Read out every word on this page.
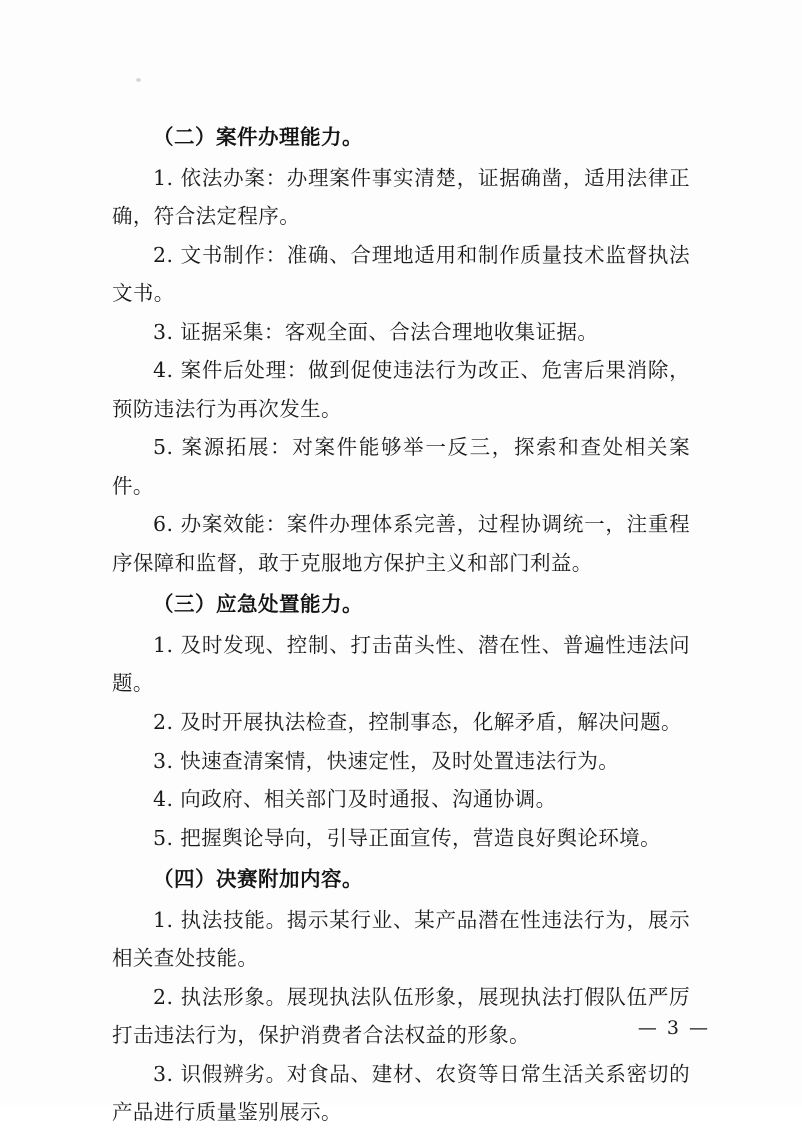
（二）案件办理能力。

1. 依法办案：办理案件事实清楚，证据确凿，适用法律正确，符合法定程序。

2. 文书制作：准确、合理地适用和制作质量技术监督执法文书。

3. 证据采集：客观全面、合法合理地收集证据。

4. 案件后处理：做到促使违法行为改正、危害后果消除，预防违法行为再次发生。

5. 案源拓展：对案件能够举一反三，探索和查处相关案件。

6. 办案效能：案件办理体系完善，过程协调统一，注重程序保障和监督，敢于克服地方保护主义和部门利益。

（三）应急处置能力。

1. 及时发现、控制、打击苗头性、潜在性、普遍性违法问题。

2. 及时开展执法检查，控制事态，化解矛盾，解决问题。

3. 快速查清案情，快速定性，及时处置违法行为。

4. 向政府、相关部门及时通报、沟通协调。

5. 把握舆论导向，引导正面宣传，营造良好舆论环境。

（四）决赛附加内容。

1. 执法技能。揭示某行业、某产品潜在性违法行为，展示相关查处技能。

2. 执法形象。展现执法队伍形象，展现执法打假队伍严厉打击违法行为，保护消费者合法权益的形象。

3. 识假辨劣。对食品、建材、农资等日常生活关系密切的产品进行质量鉴别展示。

— 3 —
